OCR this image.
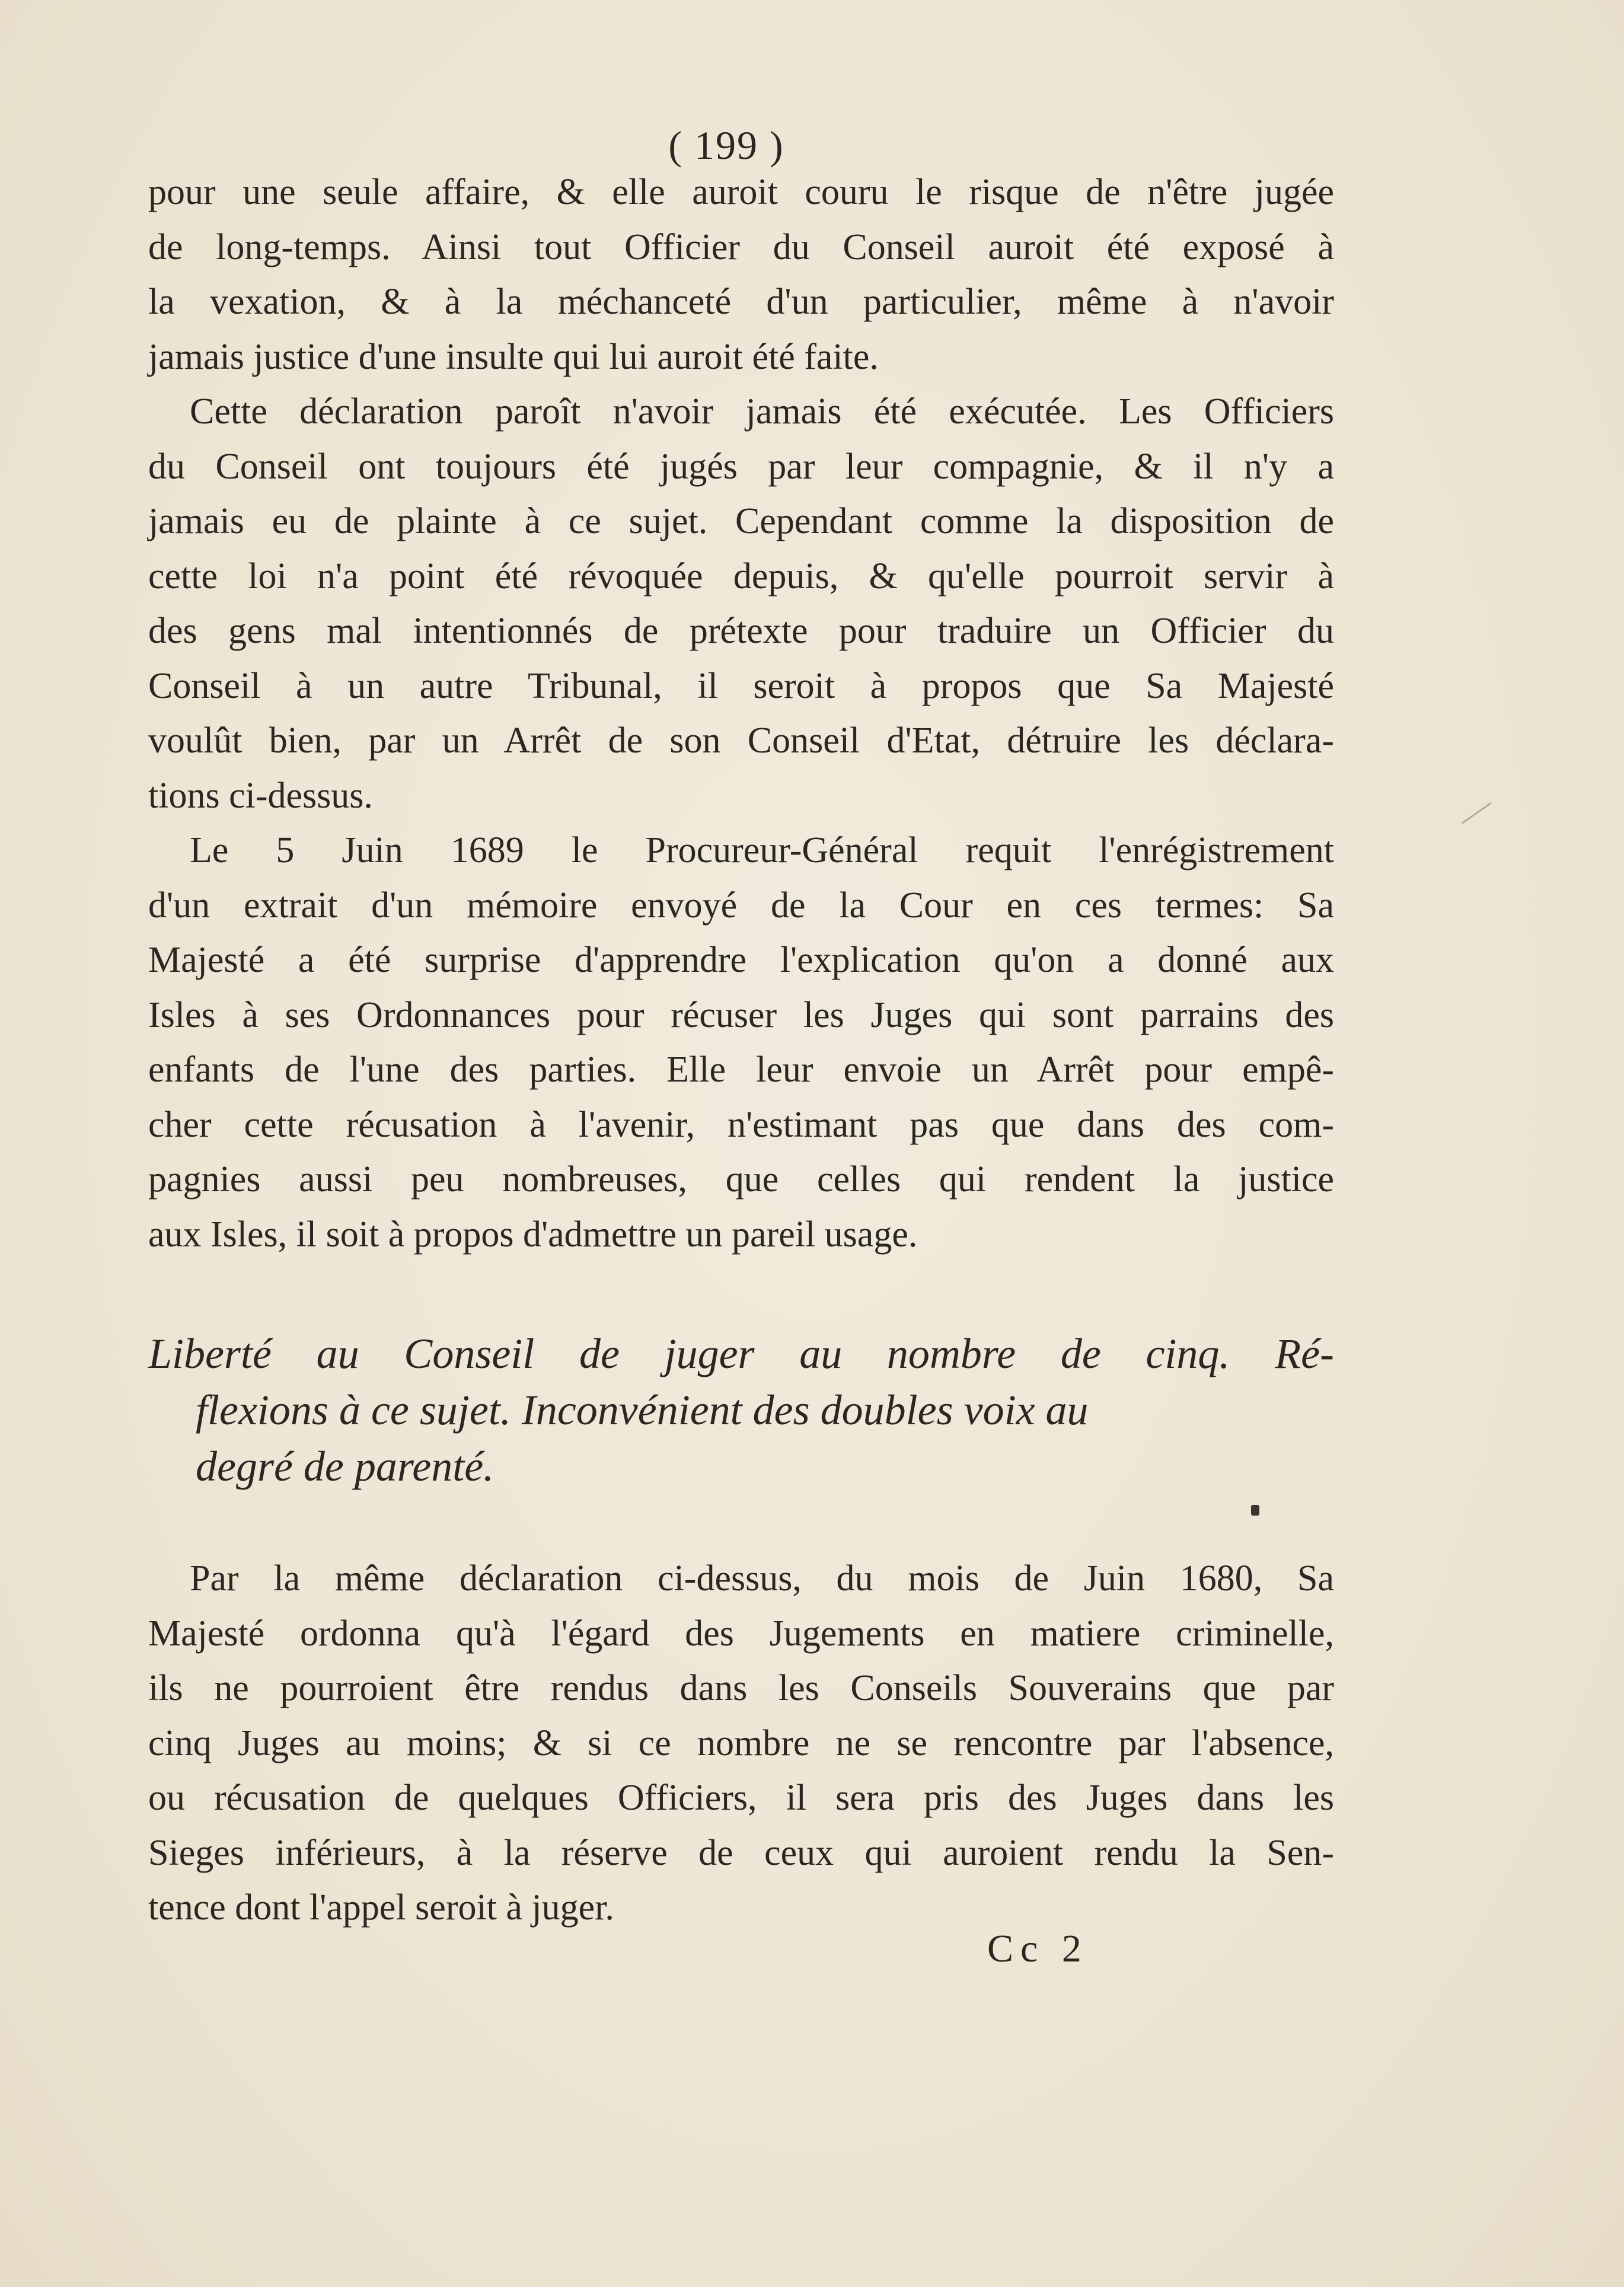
( 199 )
pour une seule affaire, & elle auroit couru le risque de n'être jugée
de long-temps. Ainsi tout Officier du Conseil auroit été exposé à
la vexation, & à la méchanceté d'un particulier, même à n'avoir
jamais justice d'une insulte qui lui auroit été faite.
Cette déclaration paroît n'avoir jamais été exécutée. Les Officiers
du Conseil ont toujours été jugés par leur compagnie, & il n'y a
jamais eu de plainte à ce sujet. Cependant comme la disposition de
cette loi n'a point été révoquée depuis, & qu'elle pourroit servir à
des gens mal intentionnés de prétexte pour traduire un Officier du
Conseil à un autre Tribunal, il seroit à propos que Sa Majesté
voulût bien, par un Arrêt de son Conseil d'Etat, détruire les déclara-
tions ci-dessus.
Le 5 Juin 1689 le Procureur-Général requit l'enrégistrement
d'un extrait d'un mémoire envoyé de la Cour en ces termes: Sa
Majesté a été surprise d'apprendre l'explication qu'on a donné aux
Isles à ses Ordonnances pour récuser les Juges qui sont parrains des
enfants de l'une des parties. Elle leur envoie un Arrêt pour empê-
cher cette récusation à l'avenir, n'estimant pas que dans des com-
pagnies aussi peu nombreuses, que celles qui rendent la justice
aux Isles, il soit à propos d'admettre un pareil usage.
Liberté au Conseil de juger au nombre de cinq. Ré-
flexions à ce sujet. Inconvénient des doubles voix au
degré de parenté.
Par la même déclaration ci-dessus, du mois de Juin 1680, Sa
Majesté ordonna qu'à l'égard des Jugements en matiere criminelle,
ils ne pourroient être rendus dans les Conseils Souverains que par
cinq Juges au moins; & si ce nombre ne se rencontre par l'absence,
ou récusation de quelques Officiers, il sera pris des Juges dans les
Sieges inférieurs, à la réserve de ceux qui auroient rendu la Sen-
tence dont l'appel seroit à juger.
Cc 2
